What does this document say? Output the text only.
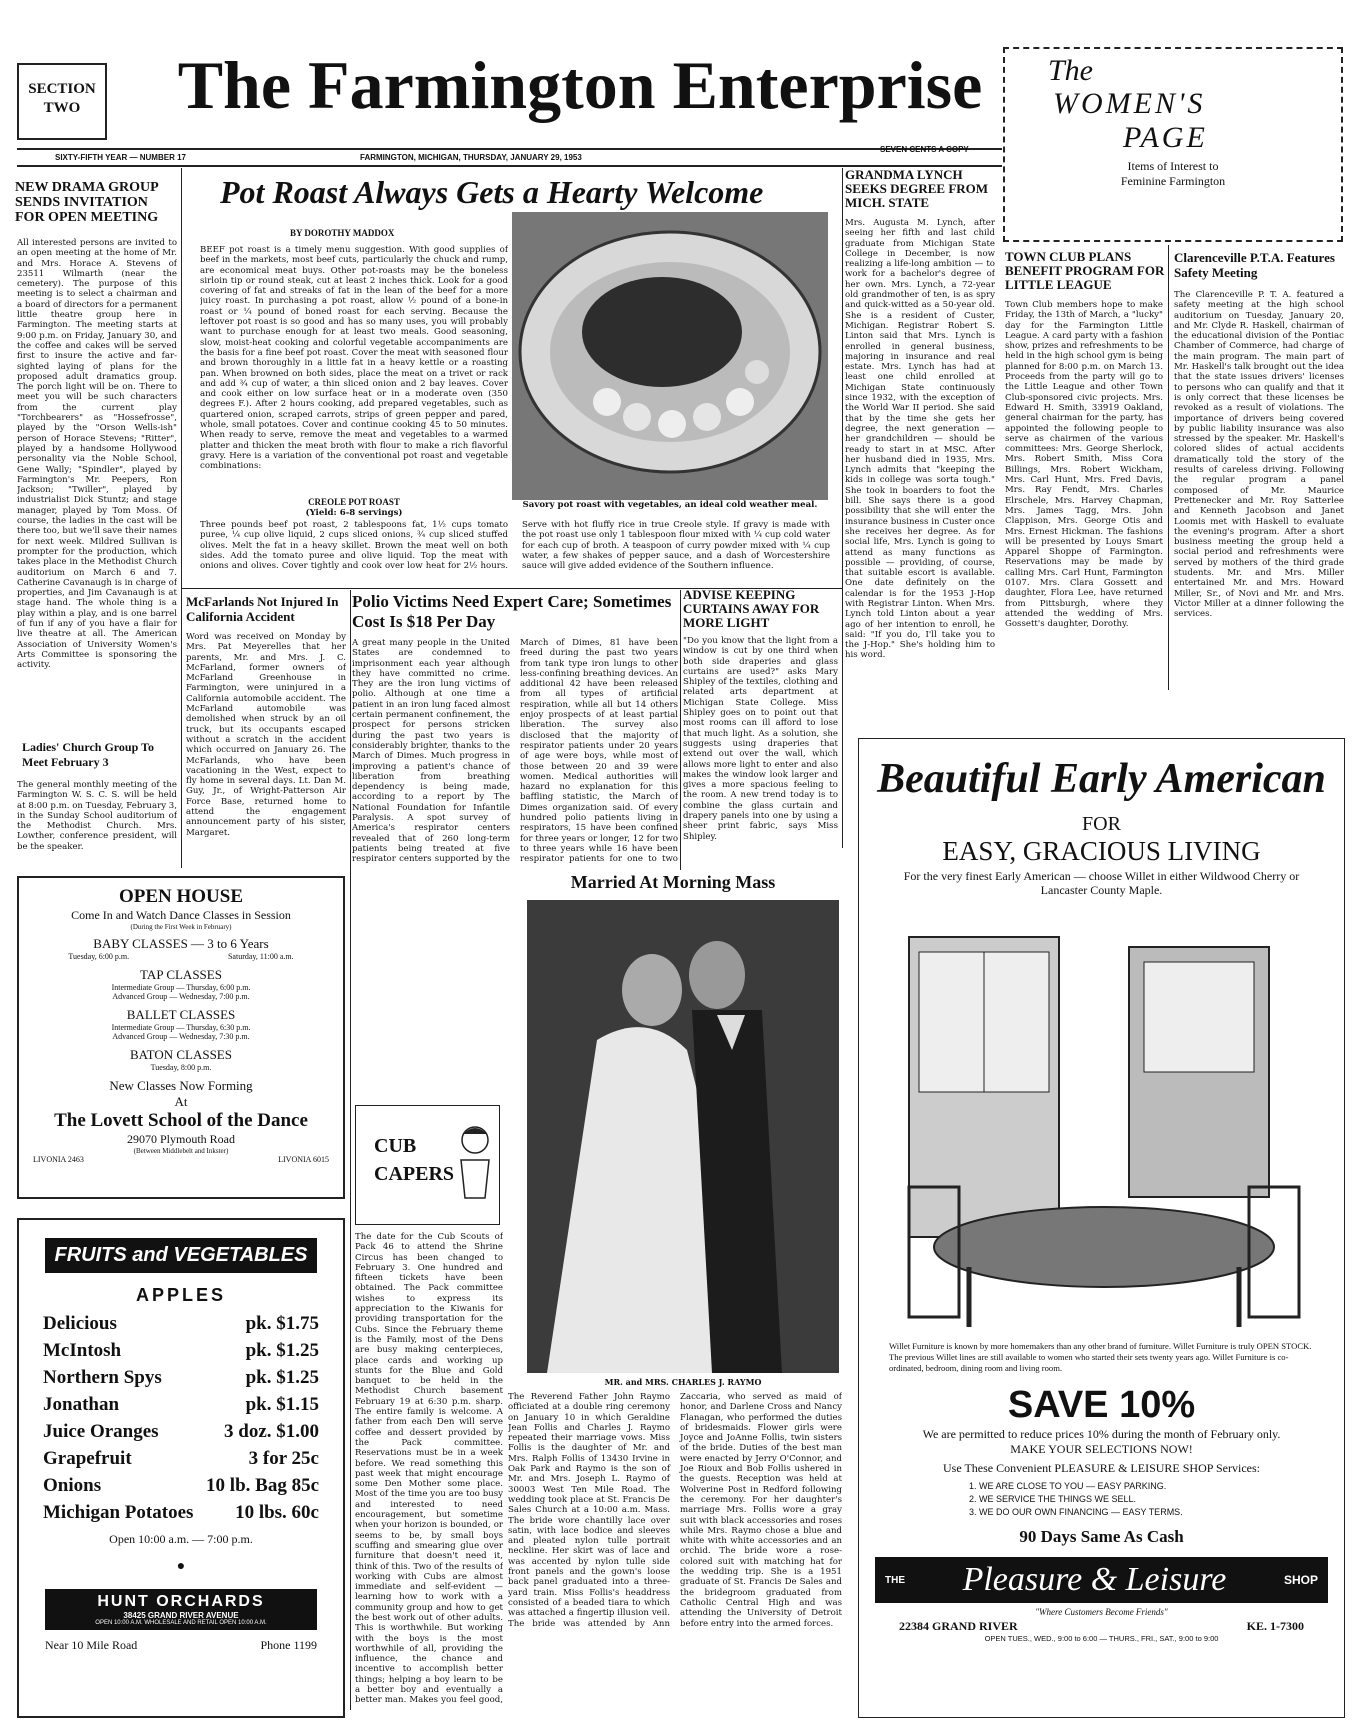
SECTION
TWO	The Farmington Enterprise
SIXTY-FIFTH YEAR — NUMBER 17	FARMINGTON, MICHIGAN, THURSDAY, JANUARY 29, 1953
SEVEN CENTS A COPY
The
WOMEN'S
PAGE
Items of Interest to
Feminine Farmington
NEW DRAMA GROUP SENDS INVITATION FOR OPEN MEETING
All interested persons are invited to an open meeting at the home of Mr. and Mrs. Horace A. Stevens of 23511 Wilmarth (near the cemetery). The purpose of this meeting is to select a chairman and a board of directors for a permanent little theatre group here in Farmington. The meeting starts at 9:00 p.m. on Friday, January 30, and the coffee and cakes will be served first to insure the active and far-sighted laying of plans for the proposed adult dramatics group. The porch light will be on. There to meet you will be such characters from the current play "Torchbearers" as "Hossefrosse", played by the "Orson Wells-ish" person of Horace Stevens; "Ritter", played by a handsome Hollywood personality via the Noble School, Gene Wally; "Spindler", played by Farmington's Mr. Peepers, Ron Jackson; "Twiller", played by industrialist Dick Stuntz; and stage manager, played by Tom Moss. Of course, the ladies in the cast will be there too, but we'll save their names for next week. Mildred Sullivan is prompter for the production, which takes place in the Methodist Church auditorium on March 6 and 7. Catherine Cavanaugh is in charge of properties, and Jim Cavanaugh is at stage hand. The whole thing is a play within a play, and is one barrel of fun if any of you have a flair for live theatre at all. The American Association of University Women's Arts Committee is sponsoring the activity.
Ladies' Church Group To Meet February 3
The general monthly meeting of the Farmington W. S. C. S. will be held at 8:00 p.m. on Tuesday, February 3, in the Sunday School auditorium of the Methodist Church. Mrs. Lowther, conference president, will be the speaker.
Pot Roast Always Gets a Hearty Welcome
BY DOROTHY MADDOX
BEEF pot roast is a timely menu suggestion. With good supplies of beef in the markets, most beef cuts, particularly the chuck and rump, are economical meat buys. Other pot-roasts may be the boneless sirloin tip or round steak, cut at least 2 inches thick. Look for a good covering of fat and streaks of fat in the lean of the beef for a more juicy roast. In purchasing a pot roast, allow ½ pound of a bone-in roast or ¼ pound of boned roast for each serving. Because the leftover pot roast is so good and has so many uses, you will probably want to purchase enough for at least two meals. Good seasoning, slow, moist-heat cooking and colorful vegetable accompaniments are the basis for a fine beef pot roast. Cover the meat with seasoned flour and brown thoroughly in a little fat in a heavy kettle or a roasting pan. When browned on both sides, place the meat on a trivet or rack and add ¾ cup of water, a thin sliced onion and 2 bay leaves. Cover and cook either on low surface heat or in a moderate oven (350 degrees F.). After 2 hours cooking, add prepared vegetables, such as quartered onion, scraped carrots, strips of green pepper and pared, whole, small potatoes. Cover and continue cooking 45 to 50 minutes. When ready to serve, remove the meat and vegetables to a warmed platter and thicken the meat broth with flour to make a rich flavorful gravy. Here is a variation of the conventional pot roast and vegetable combinations:
CREOLE POT ROAST
(Yield: 6-8 servings)
Three pounds beef pot roast, 2 tablespoons fat, 1½ cups tomato puree, ¼ cup olive liquid, 2 cups sliced onions, ¾ cup sliced stuffed olives. Melt the fat in a heavy skillet. Brown the meat well on both sides. Add the tomato puree and olive liquid. Top the meat with onions and olives. Cover tightly and cook over low heat for 2½ hours. Serve with hot fluffy rice in true Creole style. If gravy is made with the pot roast use only 1 tablespoon flour mixed with ¼ cup cold water for each cup of broth. A teaspoon of curry powder mixed with ¼ cup water, a few shakes of pepper sauce, and a dash of Worcestershire sauce will give added evidence of the Southern influence.
Savory pot roast with vegetables, an ideal cold weather meal.
GRANDMA LYNCH SEEKS DEGREE FROM MICH. STATE
Mrs. Augusta M. Lynch, after seeing her fifth and last child graduate from Michigan State College in December, is now realizing a life-long ambition — to work for a bachelor's degree of her own. Mrs. Lynch, a 72-year old grandmother of ten, is as spry and quick-witted as a 50-year old. She is a resident of Custer, Michigan. Registrar Robert S. Linton said that Mrs. Lynch is enrolled in general business, majoring in insurance and real estate. Mrs. Lynch has had at least one child enrolled at Michigan State continuously since 1932, with the exception of the World War II period. She said that by the time she gets her degree, the next generation — her grandchildren — should be ready to start in at MSC. After her husband died in 1935, Mrs. Lynch admits that "keeping the kids in college was sorta tough." She took in boarders to foot the bill. She says there is a good possibility that she will enter the insurance business in Custer once she receives her degree. As for social life, Mrs. Lynch is going to attend as many functions as possible — providing, of course, that suitable escort is available. One date definitely on the calendar is for the 1953 J-Hop with Registrar Linton. When Mrs. Lynch told Linton about a year ago of her intention to enroll, he said: "If you do, I'll take you to the J-Hop." She's holding him to his word.
TOWN CLUB PLANS BENEFIT PROGRAM FOR LITTLE LEAGUE
Town Club members hope to make Friday, the 13th of March, a "lucky" day for the Farmington Little League. A card party with a fashion show, prizes and refreshments to be held in the high school gym is being planned for 8:00 p.m. on March 13. Proceeds from the party will go to the Little League and other Town Club-sponsored civic projects. Mrs. Edward H. Smith, 33919 Oakland, general chairman for the party, has appointed the following people to serve as chairmen of the various committees: Mrs. George Sherlock, Mrs. Robert Smith, Miss Cora Billings, Mrs. Robert Wickham, Mrs. Carl Hunt, Mrs. Fred Davis, Mrs. Ray Fendt, Mrs. Charles Elrschele, Mrs. Harvey Chapman, Mrs. James Tagg, Mrs. John Clappison, Mrs. George Otis and Mrs. Ernest Hickman. The fashions will be presented by Louys Smart Apparel Shoppe of Farmington. Reservations may be made by calling Mrs. Carl Hunt, Farmington 0107. Mrs. Clara Gossett and daughter, Flora Lee, have returned from Pittsburgh, where they attended the wedding of Mrs. Gossett's daughter, Dorothy.
Clarenceville P.T.A. Features Safety Meeting
The Clarenceville P. T. A. featured a safety meeting at the high school auditorium on Tuesday, January 20, and Mr. Clyde R. Haskell, chairman of the educational division of the Pontiac Chamber of Commerce, had charge of the main program. The main part of Mr. Haskell's talk brought out the idea that the state issues drivers' licenses to persons who can qualify and that it is only correct that these licenses be revoked as a result of violations. The importance of drivers being covered by public liability insurance was also stressed by the speaker. Mr. Haskell's colored slides of actual accidents dramatically told the story of the results of careless driving. Following the regular program a panel composed of Mr. Maurice Prettenecker and Mr. Roy Satterlee and Kenneth Jacobson and Janet Loomis met with Haskell to evaluate the evening's program. After a short business meeting the group held a social period and refreshments were served by mothers of the third grade students. Mr. and Mrs. Miller entertained Mr. and Mrs. Howard Miller, Sr., of Novi and Mr. and Mrs. Victor Miller at a dinner following the services.
McFarlands Not Injured In California Accident
Word was received on Monday by Mrs. Pat Meyerelles that her parents, Mr. and Mrs. J. C. McFarland, former owners of McFarland Greenhouse in Farmington, were uninjured in a California automobile accident. The McFarland automobile was demolished when struck by an oil truck, but its occupants escaped without a scratch in the accident which occurred on January 26. The McFarlands, who have been vacationing in the West, expect to fly home in several days. Lt. Dan M. Guy, Jr., of Wright-Patterson Air Force Base, returned home to attend the engagement announcement party of his sister, Margaret.
Polio Victims Need Expert Care; Sometimes Cost Is $18 Per Day
A great many people in the United States are condemned to imprisonment each year although they have committed no crime. They are the iron lung victims of polio. Although at one time a patient in an iron lung faced almost certain permanent confinement, the prospect for persons stricken during the past two years is considerably brighter, thanks to the March of Dimes. Much progress in improving a patient's chance of liberation from breathing dependency is being made, according to a report by The National Foundation for Infantile Paralysis. A spot survey of America's respirator centers revealed that of 260 long-term patients being treated at five respirator centers supported by the March of Dimes, 81 have been freed during the past two years from tank type iron lungs to other less-confining breathing devices. An additional 42 have been released from all types of artificial respiration, while all but 14 others enjoy prospects of at least partial liberation. The survey also disclosed that the majority of respirator patients under 20 years of age were boys, while most of those between 20 and 39 were women. Medical authorities will hazard no explanation for this baffling statistic, the March of Dimes organization said. Of every hundred polio patients living in respirators, 15 have been confined for three years or longer, 12 for two to three years while 16 have been respirator patients for one to two
ADVISE KEEPING CURTAINS AWAY FOR MORE LIGHT
"Do you know that the light from a window is cut by one third when both side draperies and glass curtains are used?" asks Mary Shipley of the textiles, clothing and related arts department at Michigan State College. Miss Shipley goes on to point out that most rooms can ill afford to lose that much light. As a solution, she suggests using draperies that extend out over the wall, which allows more light to enter and also makes the window look larger and gives a more spacious feeling to the room. A new trend today is to combine the glass curtain and drapery panels into one by using a sheer print fabric, says Miss Shipley.
OPEN HOUSE
Come In and Watch Dance Classes in Session
(During the First Week in February)
BABY CLASSES — 3 to 6 Years
Tuesday, 6:00 p.m.	Saturday, 11:00 a.m.
TAP CLASSES
Intermediate Group — Thursday, 6:00 p.m.
Advanced Group — Wednesday, 7:00 p.m.
BALLET CLASSES
Intermediate Group — Thursday, 6:30 p.m.
Advanced Group — Wednesday, 7:30 p.m.
BATON CLASSES
Tuesday, 8:00 p.m.
New Classes Now Forming
At
The Lovett School of the Dance
29070 Plymouth Road
(Between Middlebelt and Inkster)
LIVONIA 2463	LIVONIA 6015
FRUITS and VEGETABLES
APPLES
Delicious	pk. $1.75
McIntosh	pk. $1.25
Northern Spys	pk. $1.25
Jonathan	pk. $1.15
Juice Oranges	3 doz. $1.00
Grapefruit	3 for 25c
Onions	10 lb. Bag 85c
Michigan Potatoes 10 lbs. 60c
Open 10:00 a.m. — 7:00 p.m.
●
HUNT ORCHARDS
38425 GRAND RIVER AVENUE
OPEN 10:00 A.M. WHOLESALE AND RETAIL OPEN 10:00 A.M.
Near 10 Mile Road	Phone 1199
CUB
CAPERS
The date for the Cub Scouts of Pack 46 to attend the Shrine Circus has been changed to February 3. One hundred and fifteen tickets have been obtained. The Pack committee wishes to express its appreciation to the Kiwanis for providing transportation for the Cubs. Since the February theme is the Family, most of the Dens are busy making centerpieces, place cards and working up stunts for the Blue and Gold banquet to be held in the Methodist Church basement February 19 at 6:30 p.m. sharp. The entire family is welcome. A father from each Den will serve coffee and dessert provided by the Pack committee. Reservations must be in a week before. We read something this past week that might encourage some Den Mother some place. Most of the time you are too busy and interested to need encouragement, but sometime when your horizon is bounded, or seems to be, by small boys scuffing and smearing glue over furniture that doesn't need it, think of this. Two of the results of working with Cubs are almost immediate and self-evident — learning how to work with a community group and how to get the best work out of other adults. This is worthwhile. But working with the boys is the most worthwhile of all, providing the influence, the chance and incentive to accomplish better things; helping a boy learn to be a better boy and eventually a better man. Makes you feel good,
Married At Morning Mass
MR. and MRS. CHARLES J. RAYMO
The Reverend Father John Raymo officiated at a double ring ceremony on January 10 in which Geraldine Jean Follis and Charles J. Raymo repeated their marriage vows. Miss Follis is the daughter of Mr. and Mrs. Ralph Follis of 13430 Irvine in Oak Park and Raymo is the son of Mr. and Mrs. Joseph L. Raymo of 30003 West Ten Mile Road. The wedding took place at St. Francis De Sales Church at a 10:00 a.m. Mass. The bride wore chantilly lace over satin, with lace bodice and sleeves and pleated nylon tulle portrait neckline. Her skirt was of lace and was accented by nylon tulle side front panels and the gown's loose back panel graduated into a three-yard train. Miss Follis's headdress consisted of a beaded tiara to which was attached a fingertip illusion veil. The bride was attended by Ann Zaccaria, who served as maid of honor, and Darlene Cross and Nancy Flanagan, who performed the duties of bridesmaids. Flower girls were Joyce and JoAnne Follis, twin sisters of the bride. Duties of the best man were enacted by Jerry O'Connor, and Joe Rioux and Bob Follis ushered in the guests. Reception was held at Wolverine Post in Redford following the ceremony. For her daughter's marriage Mrs. Follis wore a gray suit with black accessories and roses while Mrs. Raymo chose a blue and white with white accessories and an orchid. The bride wore a rose-colored suit with matching hat for the wedding trip. She is a 1951 graduate of St. Francis De Sales and the bridegroom graduated from Catholic Central High and was attending the University of Detroit before entry into the armed forces.
Beautiful Early American
FOR
EASY, GRACIOUS LIVING
For the very finest Early American — choose Willet in either Wildwood Cherry or Lancaster County Maple.
Willet Furniture is known by more homemakers than any other brand of furniture. Willet Furniture is truly OPEN STOCK. The previous Willet lines are still available to women who started their sets twenty years ago. Willet Furniture is co-ordinated, bedroom, dining room and living room.
SAVE 10%
We are permitted to reduce prices 10% during the month of February only.
MAKE YOUR SELECTIONS NOW!
Use These Convenient PLEASURE & LEISURE SHOP Services:
1. WE ARE CLOSE TO YOU — EASY PARKING.
2. WE SERVICE THE THINGS WE SELL.
3. WE DO OUR OWN FINANCING — EASY TERMS.
90 Days Same As Cash
THE Pleasure & Leisure	SHOP
"Where Customers Become Friends"
22384 GRAND RIVER	KE. 1-7300
OPEN TUES., WED., 9:00 to 6:00 — THURS., FRI., SAT., 9:00 to 9:00
